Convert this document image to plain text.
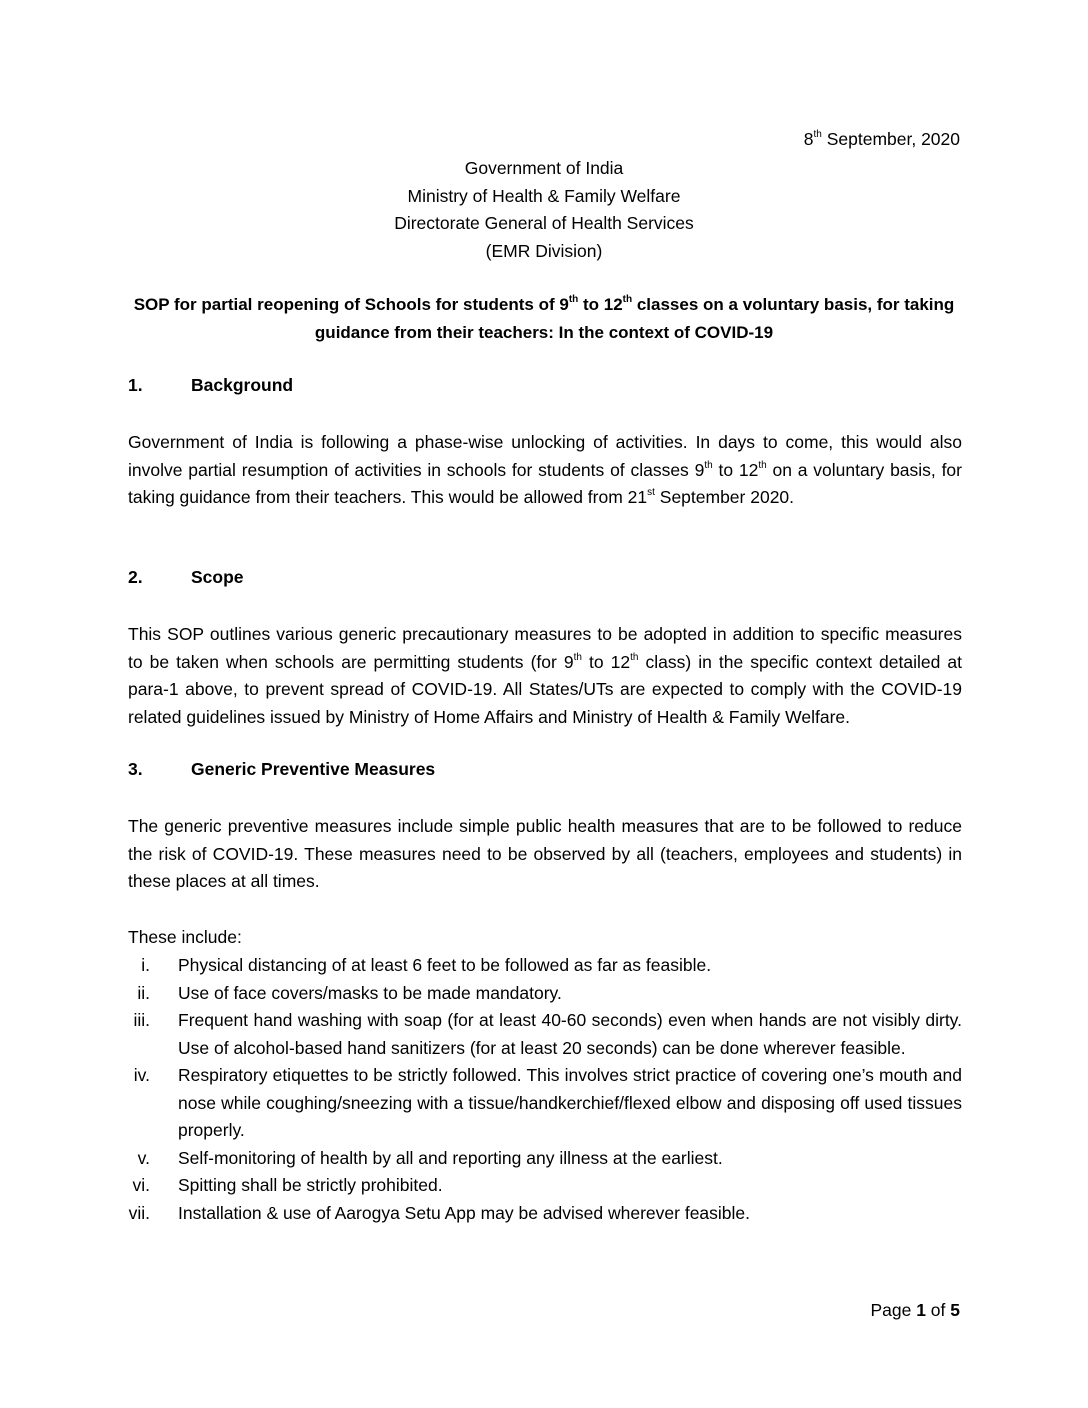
8th September, 2020
Government of India
Ministry of Health & Family Welfare
Directorate General of Health Services
(EMR Division)
SOP for partial reopening of Schools for students of 9th to 12th classes on a voluntary basis, for taking guidance from their teachers: In the context of COVID-19
1.	Background
Government of India is following a phase-wise unlocking of activities. In days to come, this would also involve partial resumption of activities in schools for students of classes 9th to 12th on a voluntary basis, for taking guidance from their teachers. This would be allowed from 21st September 2020.
2.	Scope
This SOP outlines various generic precautionary measures to be adopted in addition to specific measures to be taken when schools are permitting students (for 9th to 12th class) in the specific context detailed at para-1 above, to prevent spread of COVID-19. All States/UTs are expected to comply with the COVID-19 related guidelines issued by Ministry of Home Affairs and Ministry of Health & Family Welfare.
3.	Generic Preventive Measures
The generic preventive measures include simple public health measures that are to be followed to reduce the risk of COVID-19. These measures need to be observed by all (teachers, employees and students) in these places at all times.
These include:
i.	Physical distancing of at least 6 feet to be followed as far as feasible.
ii.	Use of face covers/masks to be made mandatory.
iii.	Frequent hand washing with soap (for at least 40-60 seconds) even when hands are not visibly dirty. Use of alcohol-based hand sanitizers (for at least 20 seconds) can be done wherever feasible.
iv.	Respiratory etiquettes to be strictly followed. This involves strict practice of covering one’s mouth and nose while coughing/sneezing with a tissue/handkerchief/flexed elbow and disposing off used tissues properly.
v.	Self-monitoring of health by all and reporting any illness at the earliest.
vi.	Spitting shall be strictly prohibited.
vii.	Installation & use of Aarogya Setu App may be advised wherever feasible.
Page 1 of 5
